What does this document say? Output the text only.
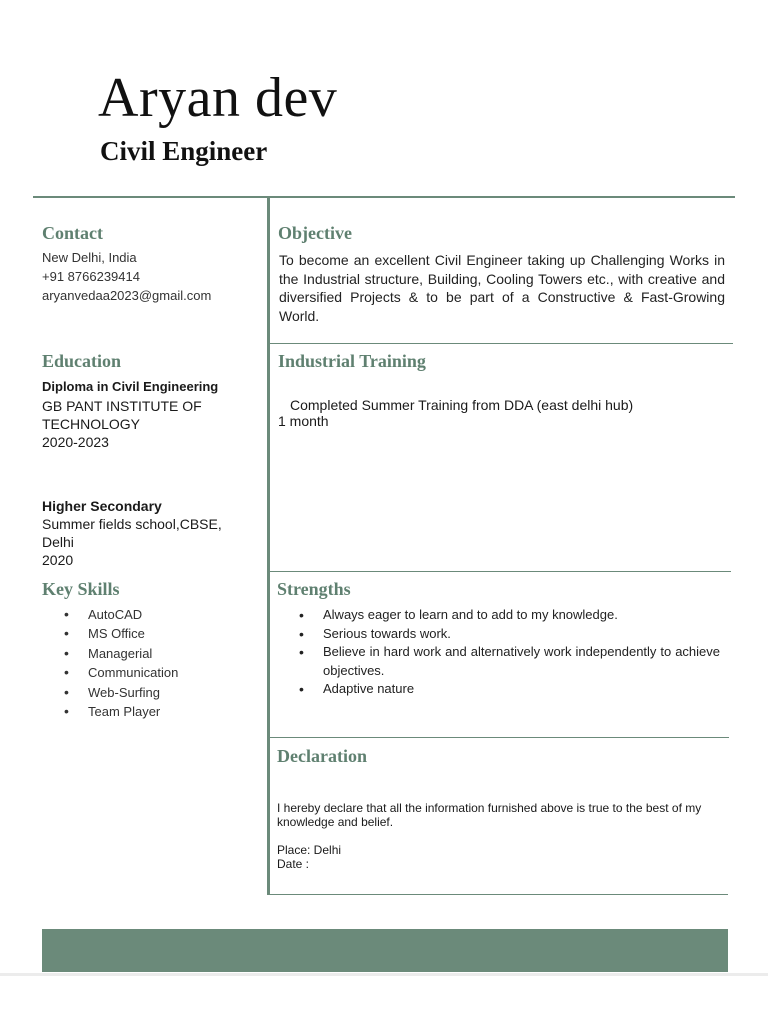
Aryan dev
Civil Engineer
Contact
New Delhi, India
+91 8766239414
aryanvedaa2023@gmail.com
Objective
To become an excellent Civil Engineer taking up Challenging Works in the Industrial structure, Building, Cooling Towers etc., with creative and diversified Projects & to be part of a Constructive & Fast-Growing World.
Education
Diploma in Civil Engineering
GB PANT INSTITUTE OF
TECHNOLOGY
2020-2023
Higher Secondary
Summer fields school,CBSE,
Delhi
2020
Industrial Training
Completed Summer Training from DDA (east delhi hub)
1 month
Key Skills
• AutoCAD
• MS Office
• Managerial
• Communication
• Web-Surfing
• Team Player
Strengths
• Always eager to learn and to add to my knowledge.
• Serious towards work.
• Believe in hard work and alternatively work independently to achieve objectives.
• Adaptive nature
Declaration
I hereby declare that all the information furnished above is true to the best of my knowledge and belief.
Place: Delhi
Date :
